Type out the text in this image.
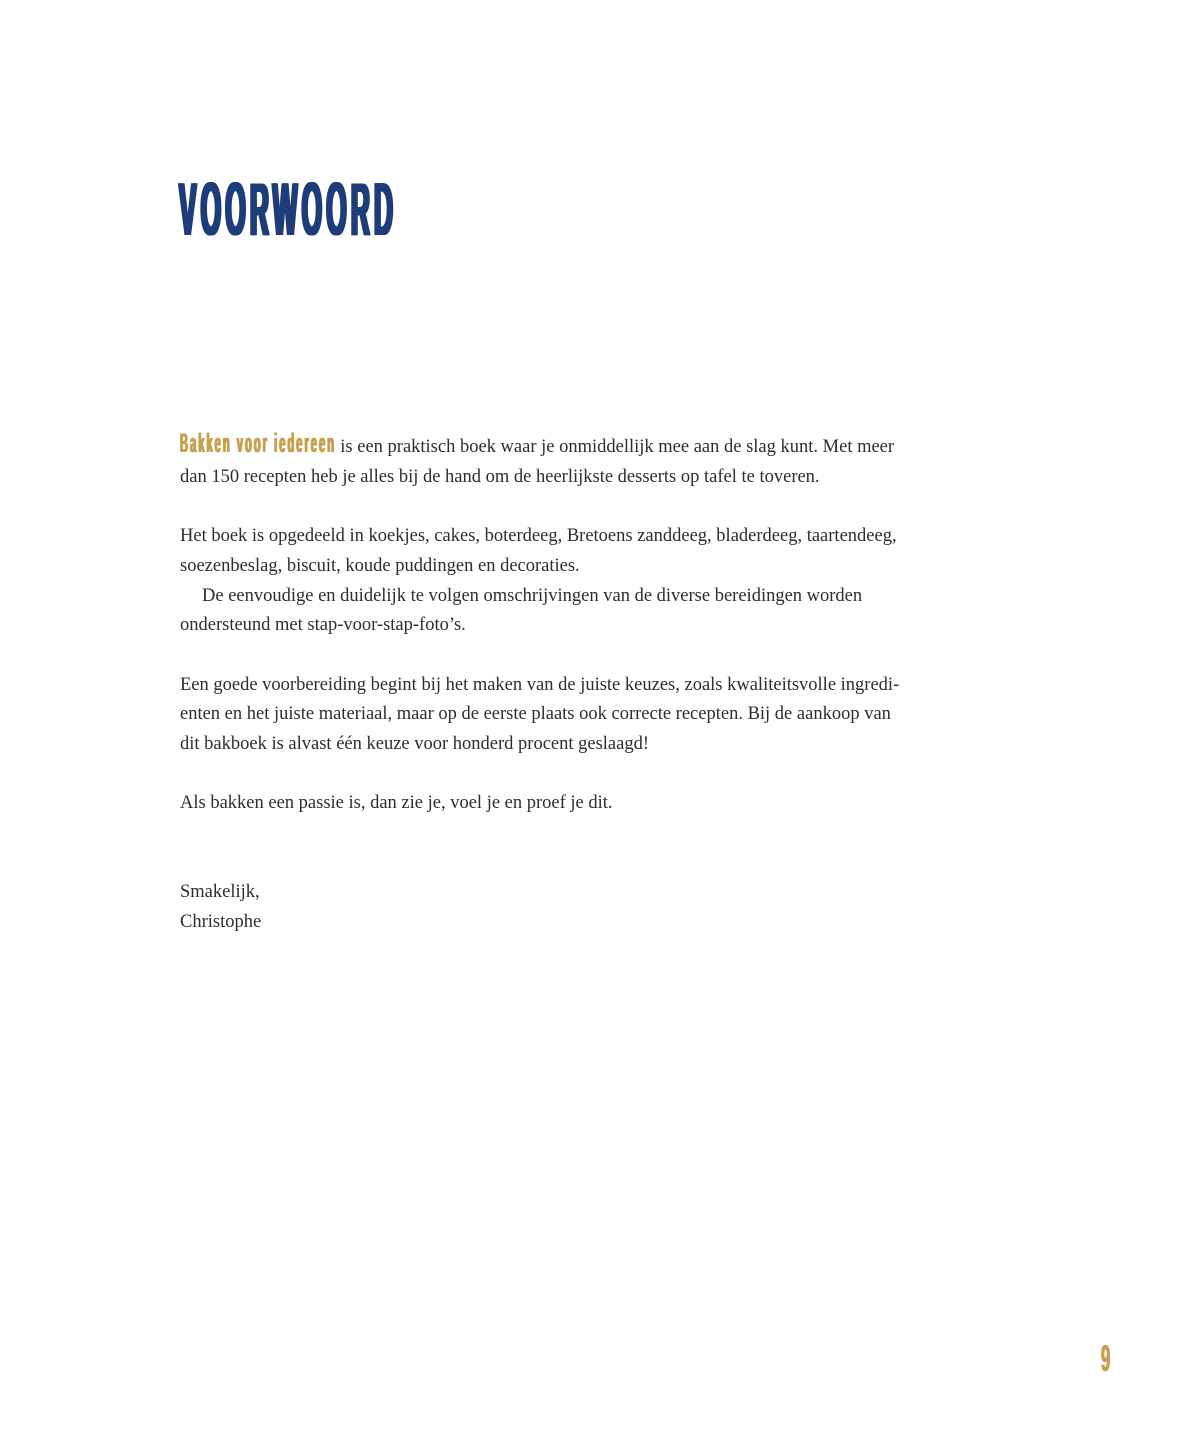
VOORWOORD
Bakken voor iedereen is een praktisch boek waar je onmiddellijk mee aan de slag kunt. Met meer
dan 150 recepten heb je alles bij de hand om de heerlijkste desserts op tafel te toveren.
Het boek is opgedeeld in koekjes, cakes, boterdeeg, Bretoens zanddeeg, bladerdeeg, taartendeeg,
soezenbeslag, biscuit, koude puddingen en decoraties.
De eenvoudige en duidelijk te volgen omschrijvingen van de diverse bereidingen worden
ondersteund met stap-voor-stap-foto’s.
Een goede voorbereiding begint bij het maken van de juiste keuzes, zoals kwaliteitsvolle ingredi-
enten en het juiste materiaal, maar op de eerste plaats ook correcte recepten. Bij de aankoop van
dit bakboek is alvast één keuze voor honderd procent geslaagd!
Als bakken een passie is, dan zie je, voel je en proef je dit.
Smakelijk,
Christophe
9
